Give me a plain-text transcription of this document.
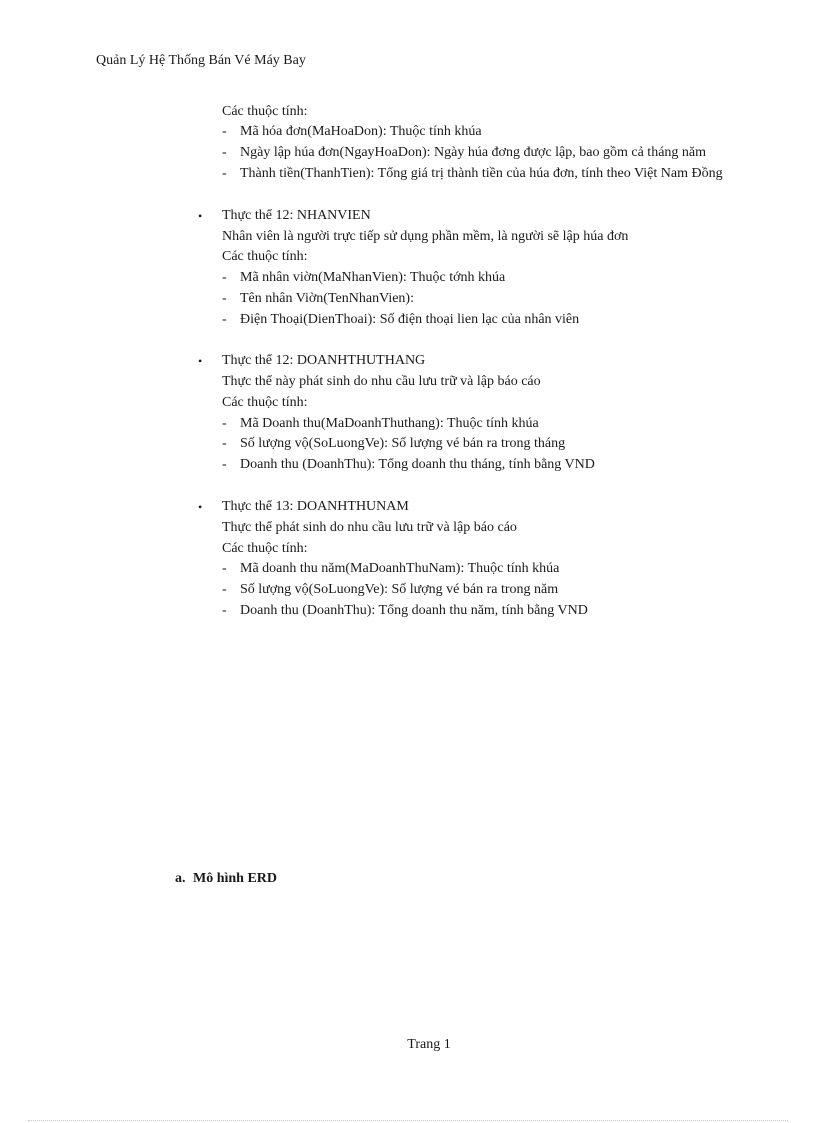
Quản Lý Hệ Thống Bán Vé Máy Bay
Các thuộc tính:
- Mã hóa đơn(MaHoaDon): Thuộc tính khúa
- Ngày lập húa đơn(NgayHoaDon): Ngày húa đơng được lập, bao gồm cả tháng năm
- Thành tiền(ThanhTien): Tổng giá trị thành tiền của húa đơn, tính theo Việt Nam Đồng
• Thực thể 12: NHANVIEN
Nhân viên là người trực tiếp sử dụng phần mềm, là người sẽ lập húa đơn
Các thuộc tính:
- Mã nhân viờn(MaNhanVien): Thuộc tớnh khúa
- Tên nhân Viờn(TenNhanVien):
- Điện Thoại(DienThoai): Số điện thoại lien lạc của nhân viên
• Thực thể 12: DOANHTHUTHANG
Thực thể này phát sinh do nhu cầu lưu trữ và lập báo cáo
Các thuộc tính:
- Mã Doanh thu(MaDoanhThuthang): Thuộc tính khúa
- Số lượng vộ(SoLuongVe): Số lượng vé bán ra trong tháng
- Doanh thu (DoanhThu): Tổng doanh thu tháng, tính bằng VND
• Thực thể 13: DOANHTHUNAM
Thực thể phát sinh do nhu cầu lưu trữ và lập báo cáo
Các thuộc tính:
- Mã doanh thu năm(MaDoanhThuNam): Thuộc tính khúa
- Số lượng vộ(SoLuongVe): Số lượng vé bán ra trong năm
- Doanh thu (DoanhThu): Tổng doanh thu năm, tính bằng VND
a. Mô hình ERD
Trang 1
